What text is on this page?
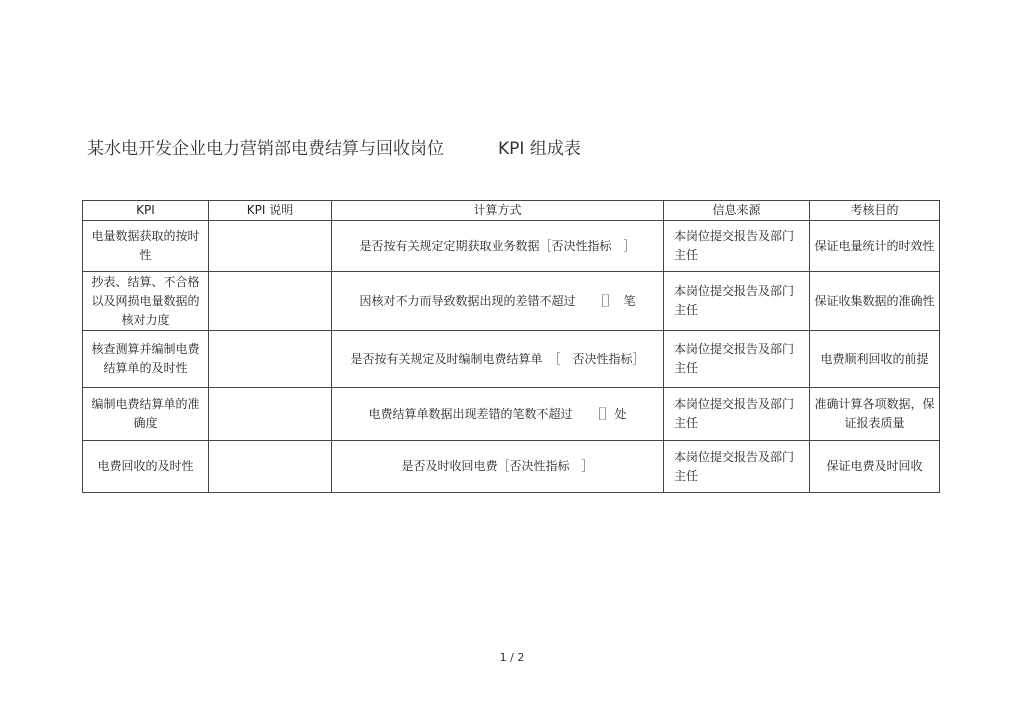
某水电开发企业电力营销部电费结算与回收岗位          KPI 组成表
KPI	KPI 说明	计算方式	信息来源	考核目的
电量数据获取的按时性		是否按有关规定定期获取业务数据［否决性指标　］	本岗位提交报告及部门主任	保证电量统计的时效性
抄表、结算、不合格以及网损电量数据的核对力度		因核对不力而导致数据出现的差错不超过　　［］　笔	本岗位提交报告及部门主任	保证收集数据的准确性
核查测算并编制电费结算单的及时性		是否按有关规定及时编制电费结算单　［　否决性指标］	本岗位提交报告及部门主任	电费顺利回收的前提
编制电费结算单的准确度		电费结算单数据出现差错的笔数不超过　　［］处	本岗位提交报告及部门主任	准确计算各项数据，保证报表质量
电费回收的及时性		是否及时收回电费［否决性指标　］	本岗位提交报告及部门主任	保证电费及时回收
1 / 2
